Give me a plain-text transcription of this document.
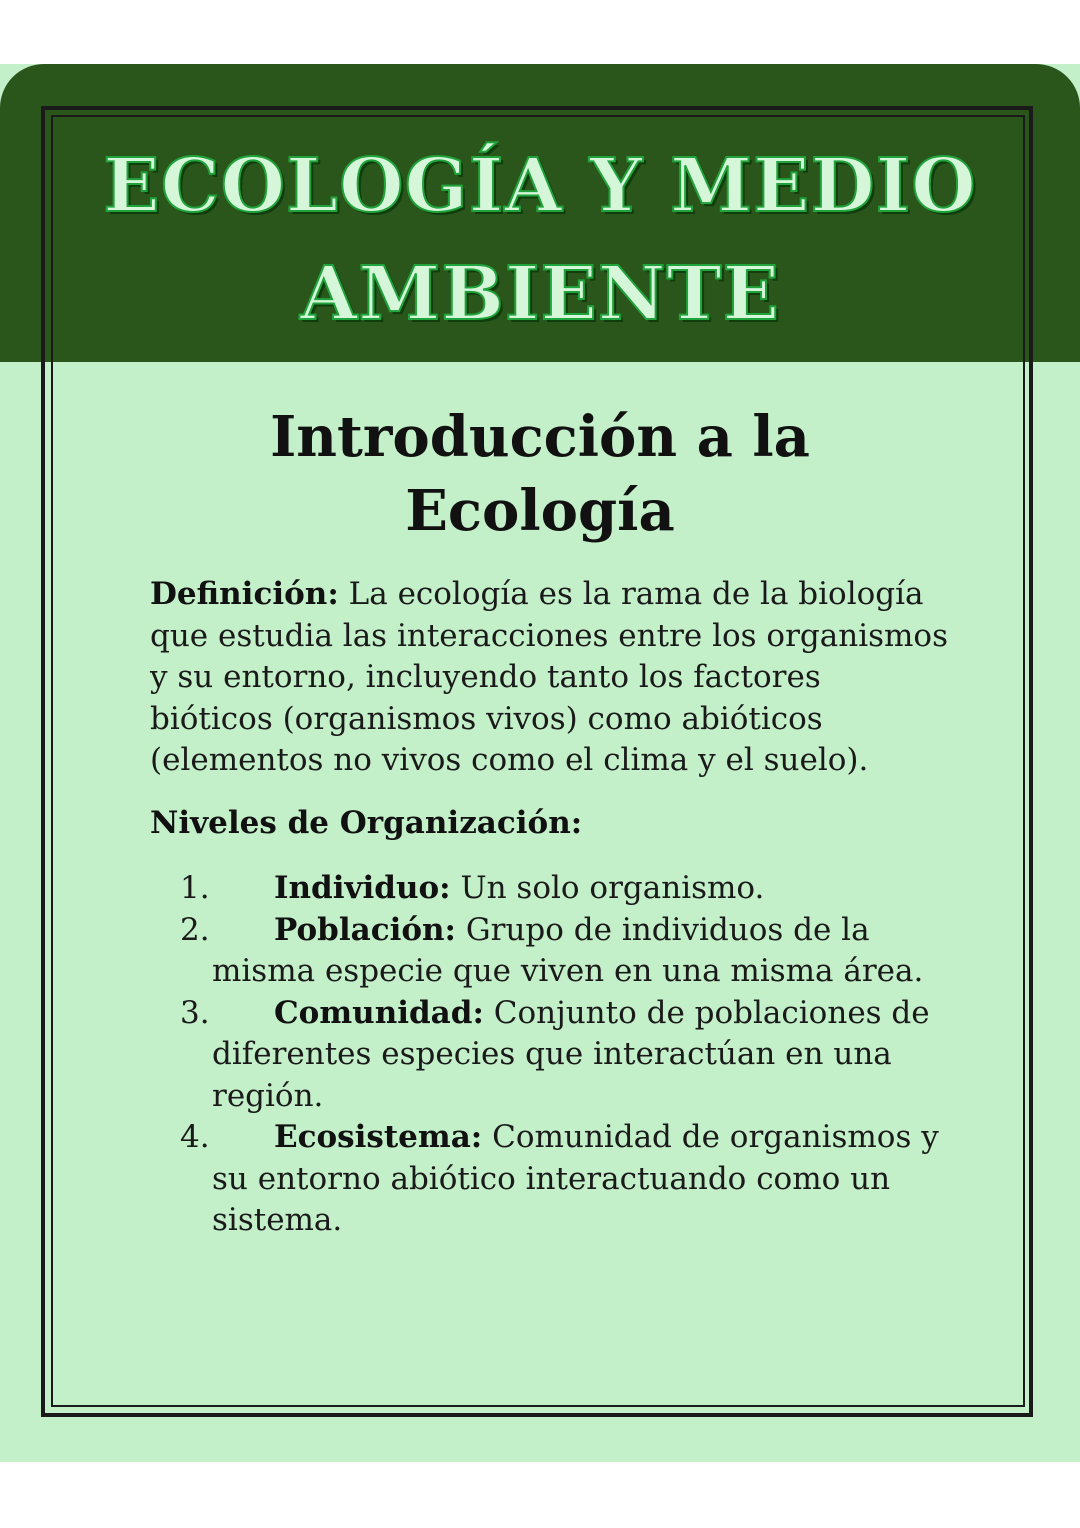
ECOLOGÍA Y MEDIO
AMBIENTE
Introducción a la
Ecología

Definición: La ecología es la rama de la biología que estudia las interacciones entre los organismos y su entorno, incluyendo tanto los factores bióticos (organismos vivos) como abióticos (elementos no vivos como el clima y el suelo).

Niveles de Organización:

1.	Individuo: Un solo organismo.
2.	Población: Grupo de individuos de la misma especie que viven en una misma área.
3.	Comunidad: Conjunto de poblaciones de diferentes especies que interactúan en una región.
4.	Ecosistema: Comunidad de organismos y su entorno abiótico interactuando como un sistema.
